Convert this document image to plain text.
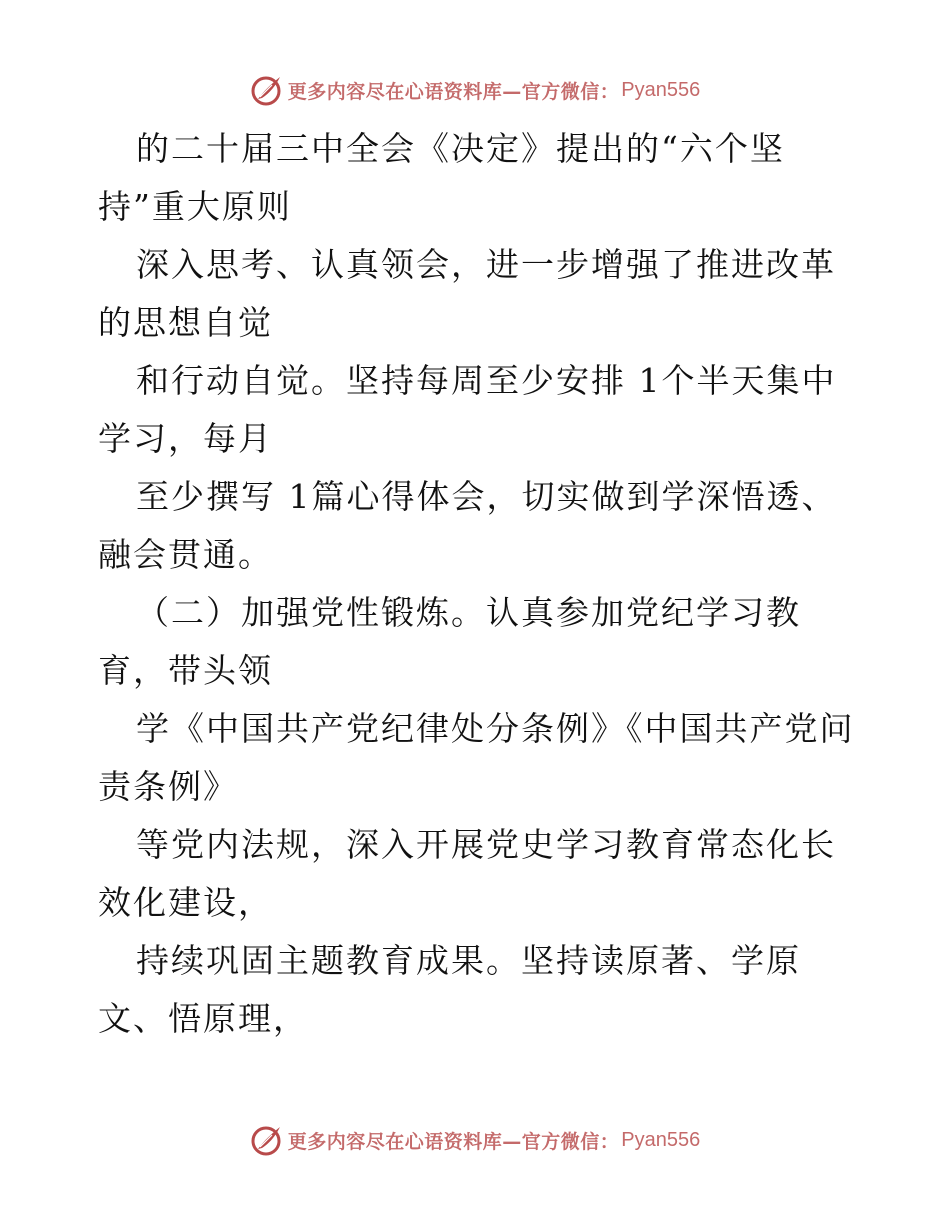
更多内容尽在心语资料库—官方微信： Pyan556

的二十届三中全会《决定》提出的“六个坚持”重大原则

深入思考、认真领会，进一步增强了推进改革的思想自觉

和行动自觉。坚持每周至少安排 1个半天集中学习，每月

至少撰写 1篇心得体会，切实做到学深悟透、融会贯通。

（二）加强党性锻炼。认真参加党纪学习教育，带头领

学《中国共产党纪律处分条例》《中国共产党问责条例》

等党内法规，深入开展党史学习教育常态化长效化建设，

持续巩固主题教育成果。坚持读原著、学原文、悟原理，

更多内容尽在心语资料库—官方微信： Pyan556
